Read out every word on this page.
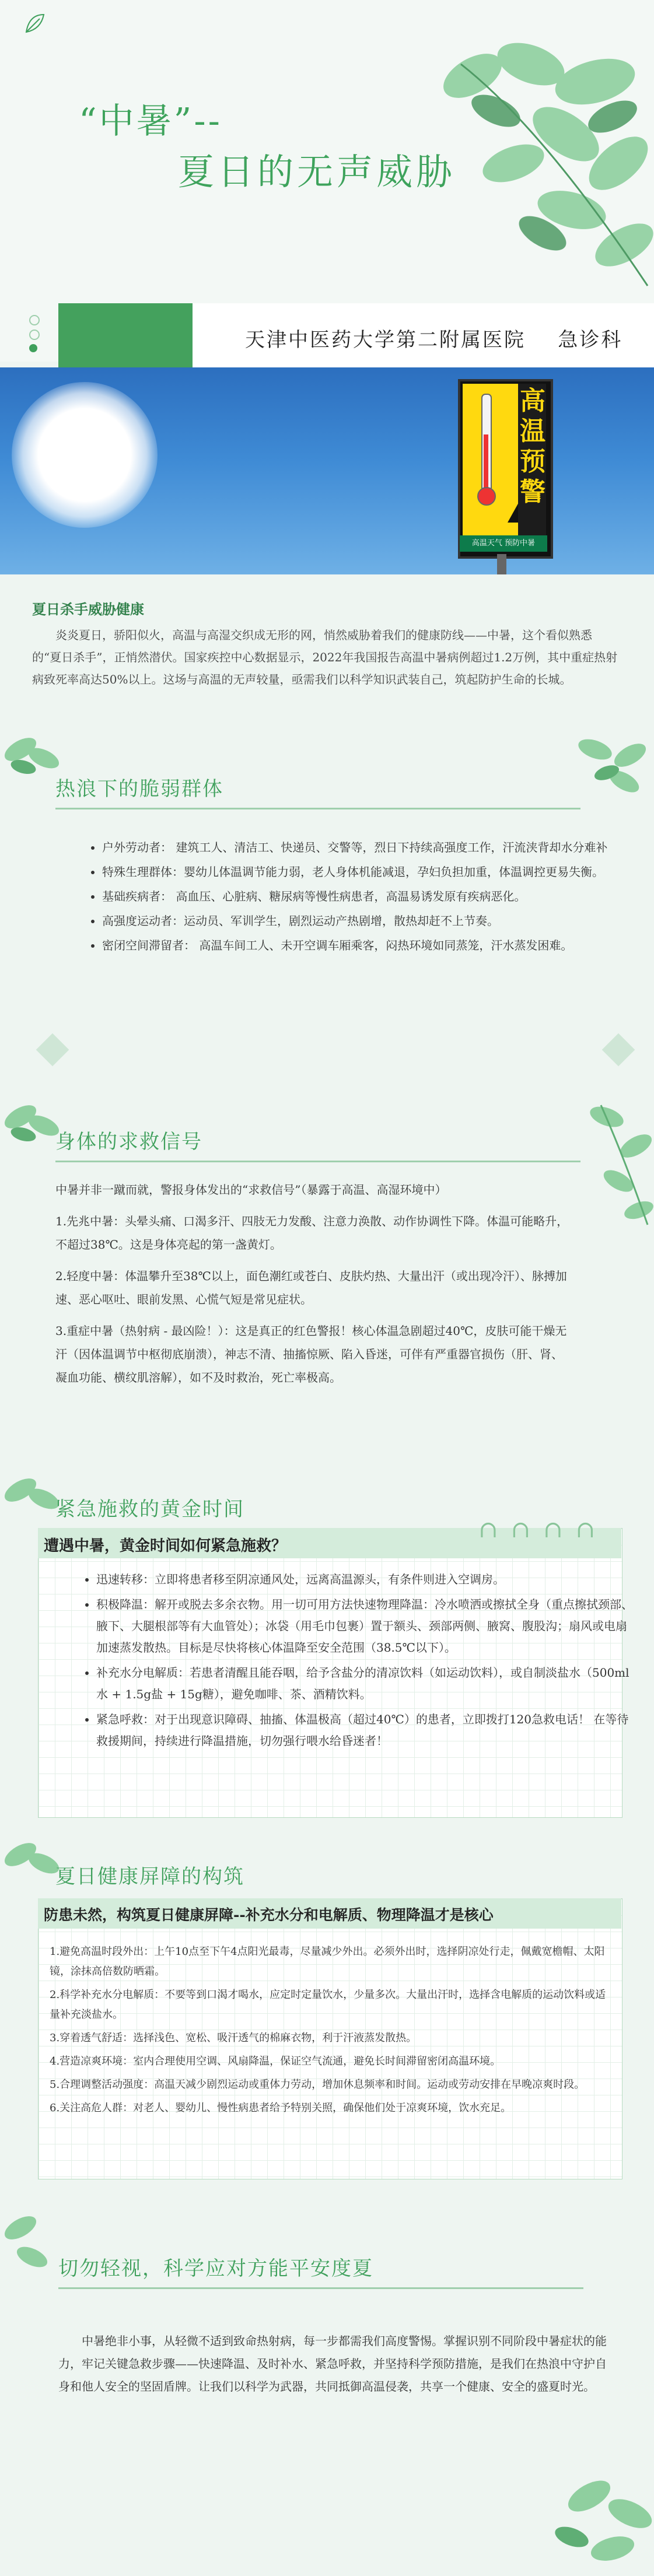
“中暑”--
夏日的无声威胁
天津中医药大学第二附属医院    急诊科
高温预警
高温天气 预防中暑
夏日杀手威胁健康
炎炎夏日，骄阳似火，高温与高湿交织成无形的网，悄然威胁着我们的健康防线——中暑，这个看似熟悉的“夏日杀手”，正悄然潜伏。国家疾控中心数据显示，2022年我国报告高温中暑病例超过1.2万例，其中重症热射病致死率高达50%以上。这场与高温的无声较量，亟需我们以科学知识武装自己，筑起防护生命的长城。
热浪下的脆弱群体
• 户外劳动者： 建筑工人、清洁工、快递员、交警等，烈日下持续高强度工作，汗流浃背却水分难补
• 特殊生理群体：婴幼儿体温调节能力弱，老人身体机能减退，孕妇负担加重，体温调控更易失衡。
• 基础疾病者： 高血压、心脏病、糖尿病等慢性病患者，高温易诱发原有疾病恶化。
• 高强度运动者：运动员、军训学生，剧烈运动产热剧增，散热却赶不上节奏。
• 密闭空间滞留者： 高温车间工人、未开空调车厢乘客，闷热环境如同蒸笼，汗水蒸发困难。
身体的求救信号

中暑并非一蹴而就，警报身体发出的“求救信号”（暴露于高温、高湿环境中）

1.先兆中暑：头晕头痛、口渴多汗、四肢无力发酸、注意力涣散、动作协调性下降。体温可能略升，不超过38℃。这是身体亮起的第一盏黄灯。

2.轻度中暑：体温攀升至38℃以上，面色潮红或苍白、皮肤灼热、大量出汗（或出现冷汗）、脉搏加速、恶心呕吐、眼前发黑、心慌气短是常见症状。

3.重症中暑（热射病 - 最凶险！）：这是真正的红色警报！核心体温急剧超过40℃，皮肤可能干燥无汗（因体温调节中枢彻底崩溃），神志不清、抽搐惊厥、陷入昏迷，可伴有严重器官损伤（肝、肾、凝血功能、横纹肌溶解），如不及时救治，死亡率极高。

紧急施救的黄金时间
遭遇中暑，黄金时间如何紧急施救？
∩∩∩∩
• 迅速转移：立即将患者移至阴凉通风处，远离高温源头，有条件则进入空调房。
• 积极降温：解开或脱去多余衣物。用一切可用方法快速物理降温：冷水喷洒或擦拭全身（重点擦拭颈部、腋下、大腿根部等有大血管处）；冰袋（用毛巾包裹）置于额头、颈部两侧、腋窝、腹股沟；扇风或电扇加速蒸发散热。目标是尽快将核心体温降至安全范围（38.5℃以下）。
• 补充水分电解质：若患者清醒且能吞咽，给予含盐分的清凉饮料（如运动饮料），或自制淡盐水（500ml水 + 1.5g盐 + 15g糖），避免咖啡、茶、酒精饮料。
• 紧急呼救：对于出现意识障碍、抽搐、体温极高（超过40℃）的患者，立即拨打120急救电话！ 在等待救援期间，持续进行降温措施，切勿强行喂水给昏迷者！
夏日健康屏障的构筑
防患未然，构筑夏日健康屏障--补充水分和电解质、物理降温才是核心

1.避免高温时段外出：上午10点至下午4点阳光最毒，尽量减少外出。必须外出时，选择阴凉处行走，佩戴宽檐帽、太阳镜，涂抹高倍数防晒霜。

2.科学补充水分电解质：不要等到口渴才喝水，应定时定量饮水，少量多次。大量出汗时，选择含电解质的运动饮料或适量补充淡盐水。

3.穿着透气舒适：选择浅色、宽松、吸汗透气的棉麻衣物，利于汗液蒸发散热。

4.营造凉爽环境：室内合理使用空调、风扇降温，保证空气流通，避免长时间滞留密闭高温环境。

5.合理调整活动强度：高温天减少剧烈运动或重体力劳动，增加休息频率和时间。运动或劳动安排在早晚凉爽时段。

6.关注高危人群：对老人、婴幼儿、慢性病患者给予特别关照，确保他们处于凉爽环境，饮水充足。

切勿轻视，科学应对方能平安度夏
中暑绝非小事，从轻微不适到致命热射病，每一步都需我们高度警惕。掌握识别不同阶段中暑症状的能力，牢记关键急救步骤——快速降温、及时补水、紧急呼救，并坚持科学预防措施，是我们在热浪中守护自身和他人安全的坚固盾牌。让我们以科学为武器，共同抵御高温侵袭，共享一个健康、安全的盛夏时光。
